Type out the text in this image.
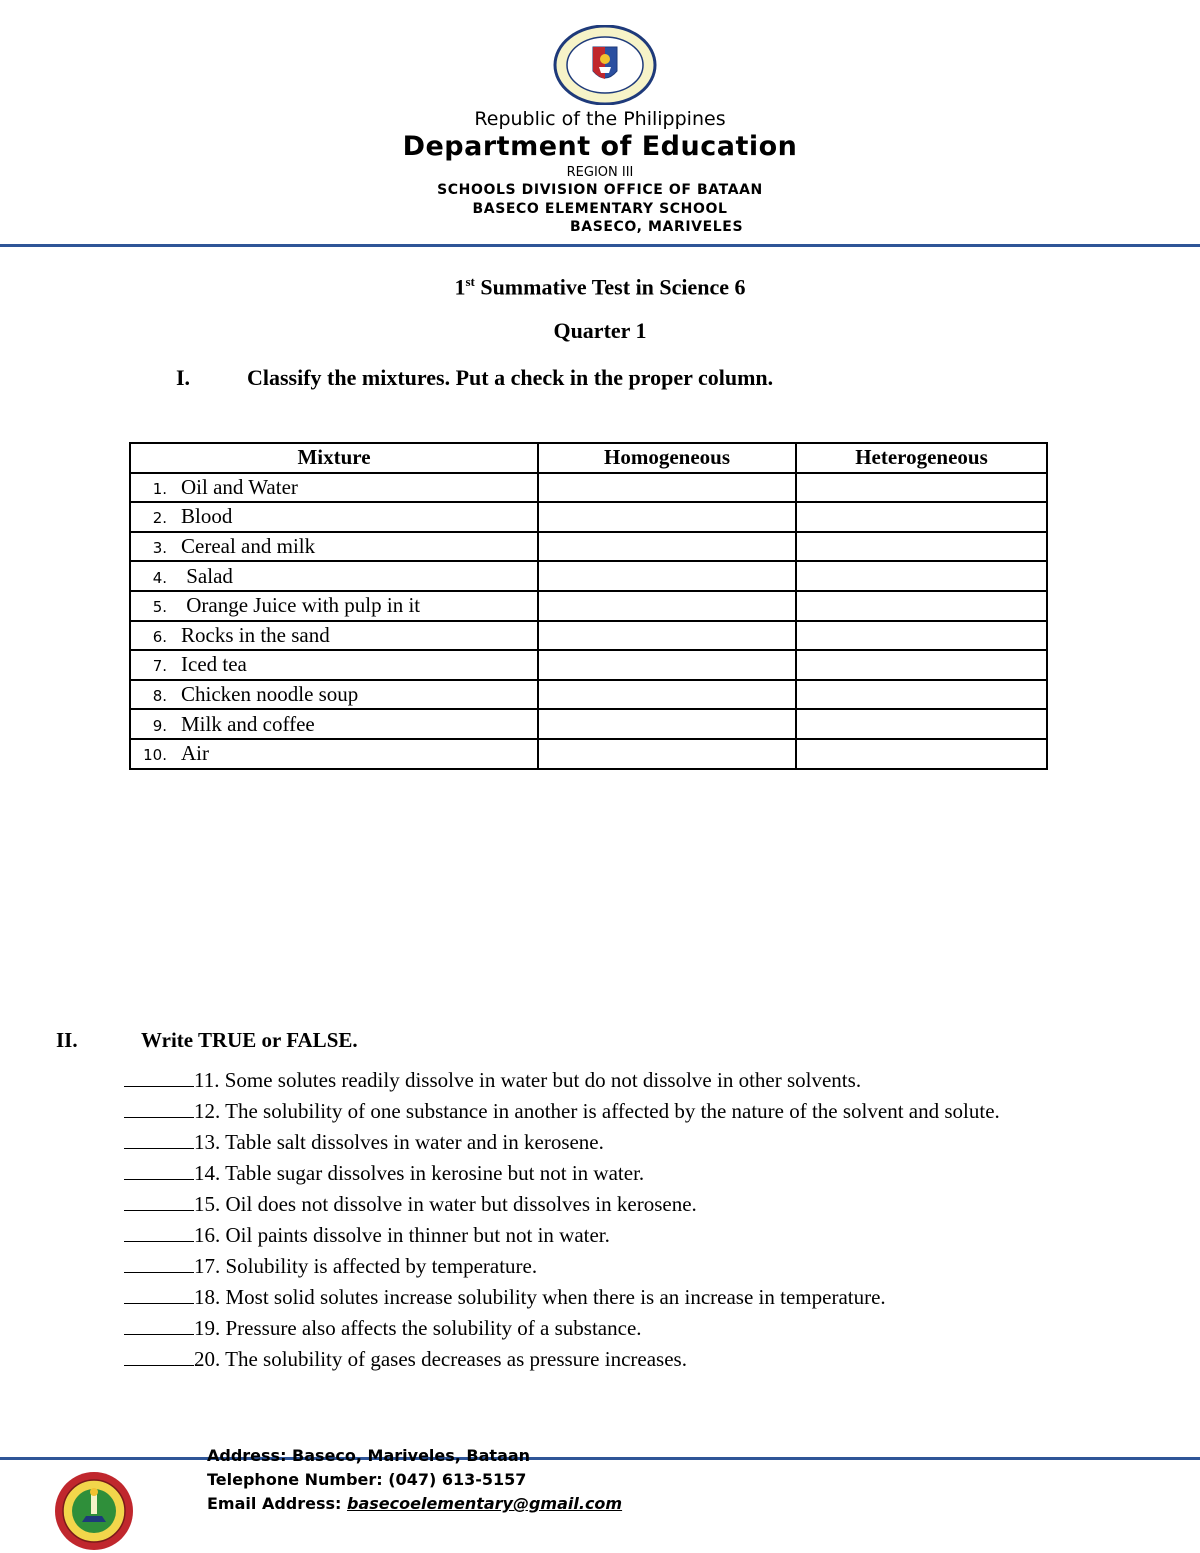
Republic of the Philippines
Department of Education
REGION III
SCHOOLS DIVISION OFFICE OF BATAAN
BASECO ELEMENTARY SCHOOL
BASECO, MARIVELES
1st Summative Test in Science 6
Quarter 1
I.	Classify the mixtures. Put a check in the proper column.
Mixture	Homogeneous	Heterogeneous
1. Oil and Water		
2. Blood		
3. Cereal and milk		
4. Salad		
5. Orange Juice with pulp in it		
6. Rocks in the sand		
7. Iced tea		
8. Chicken noodle soup		
9. Milk and coffee		
10. Air		
II.	Write TRUE or FALSE.
11. Some solutes readily dissolve in water but do not dissolve in other solvents.
12. The solubility of one substance in another is affected by the nature of the solvent and solute.
13. Table salt dissolves in water and in kerosene.
14. Table sugar dissolves in kerosine but not in water.
15. Oil does not dissolve in water but dissolves in kerosene.
16. Oil paints dissolve in thinner but not in water.
17. Solubility is affected by temperature.
18. Most solid solutes increase solubility when there is an increase in temperature.
19. Pressure also affects the solubility of a substance.
20. The solubility of gases decreases as pressure increases.
Address: Baseco, Mariveles, Bataan
Telephone Number: (047) 613-5157
Email Address: basecoelementary@gmail.com
